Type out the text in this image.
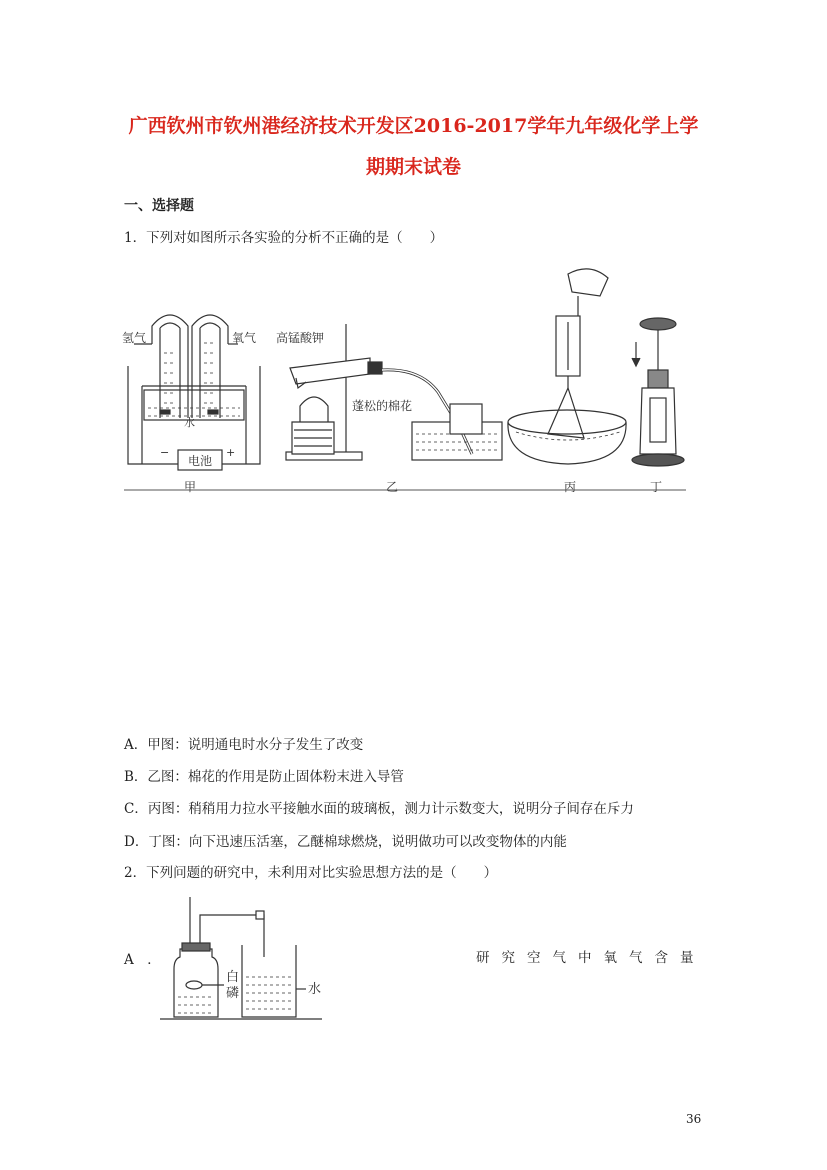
广西钦州市钦州港经济技术开发区2016-2017学年九年级化学上学
期期末试卷
一、选择题
1．下列对如图所示各实验的分析不正确的是（　　）
氢气	氧气
水
电池
−	+
甲
高锰酸钾
蓬松的棉花
乙	丙	丁
A．甲图：说明通电时水分子发生了改变
B．乙图：棉花的作用是防止固体粉末进入导管
C．丙图：稍稍用力拉水平接触水面的玻璃板，测力计示数变大，说明分子间存在斥力
D．丁图：向下迅速压活塞，乙醚棉球燃烧，说明做功可以改变物体的内能
2．下列问题的研究中，未利用对比实验思想方法的是（　　）
A　．
白
磷	水
研究空气中氧气含量
36
